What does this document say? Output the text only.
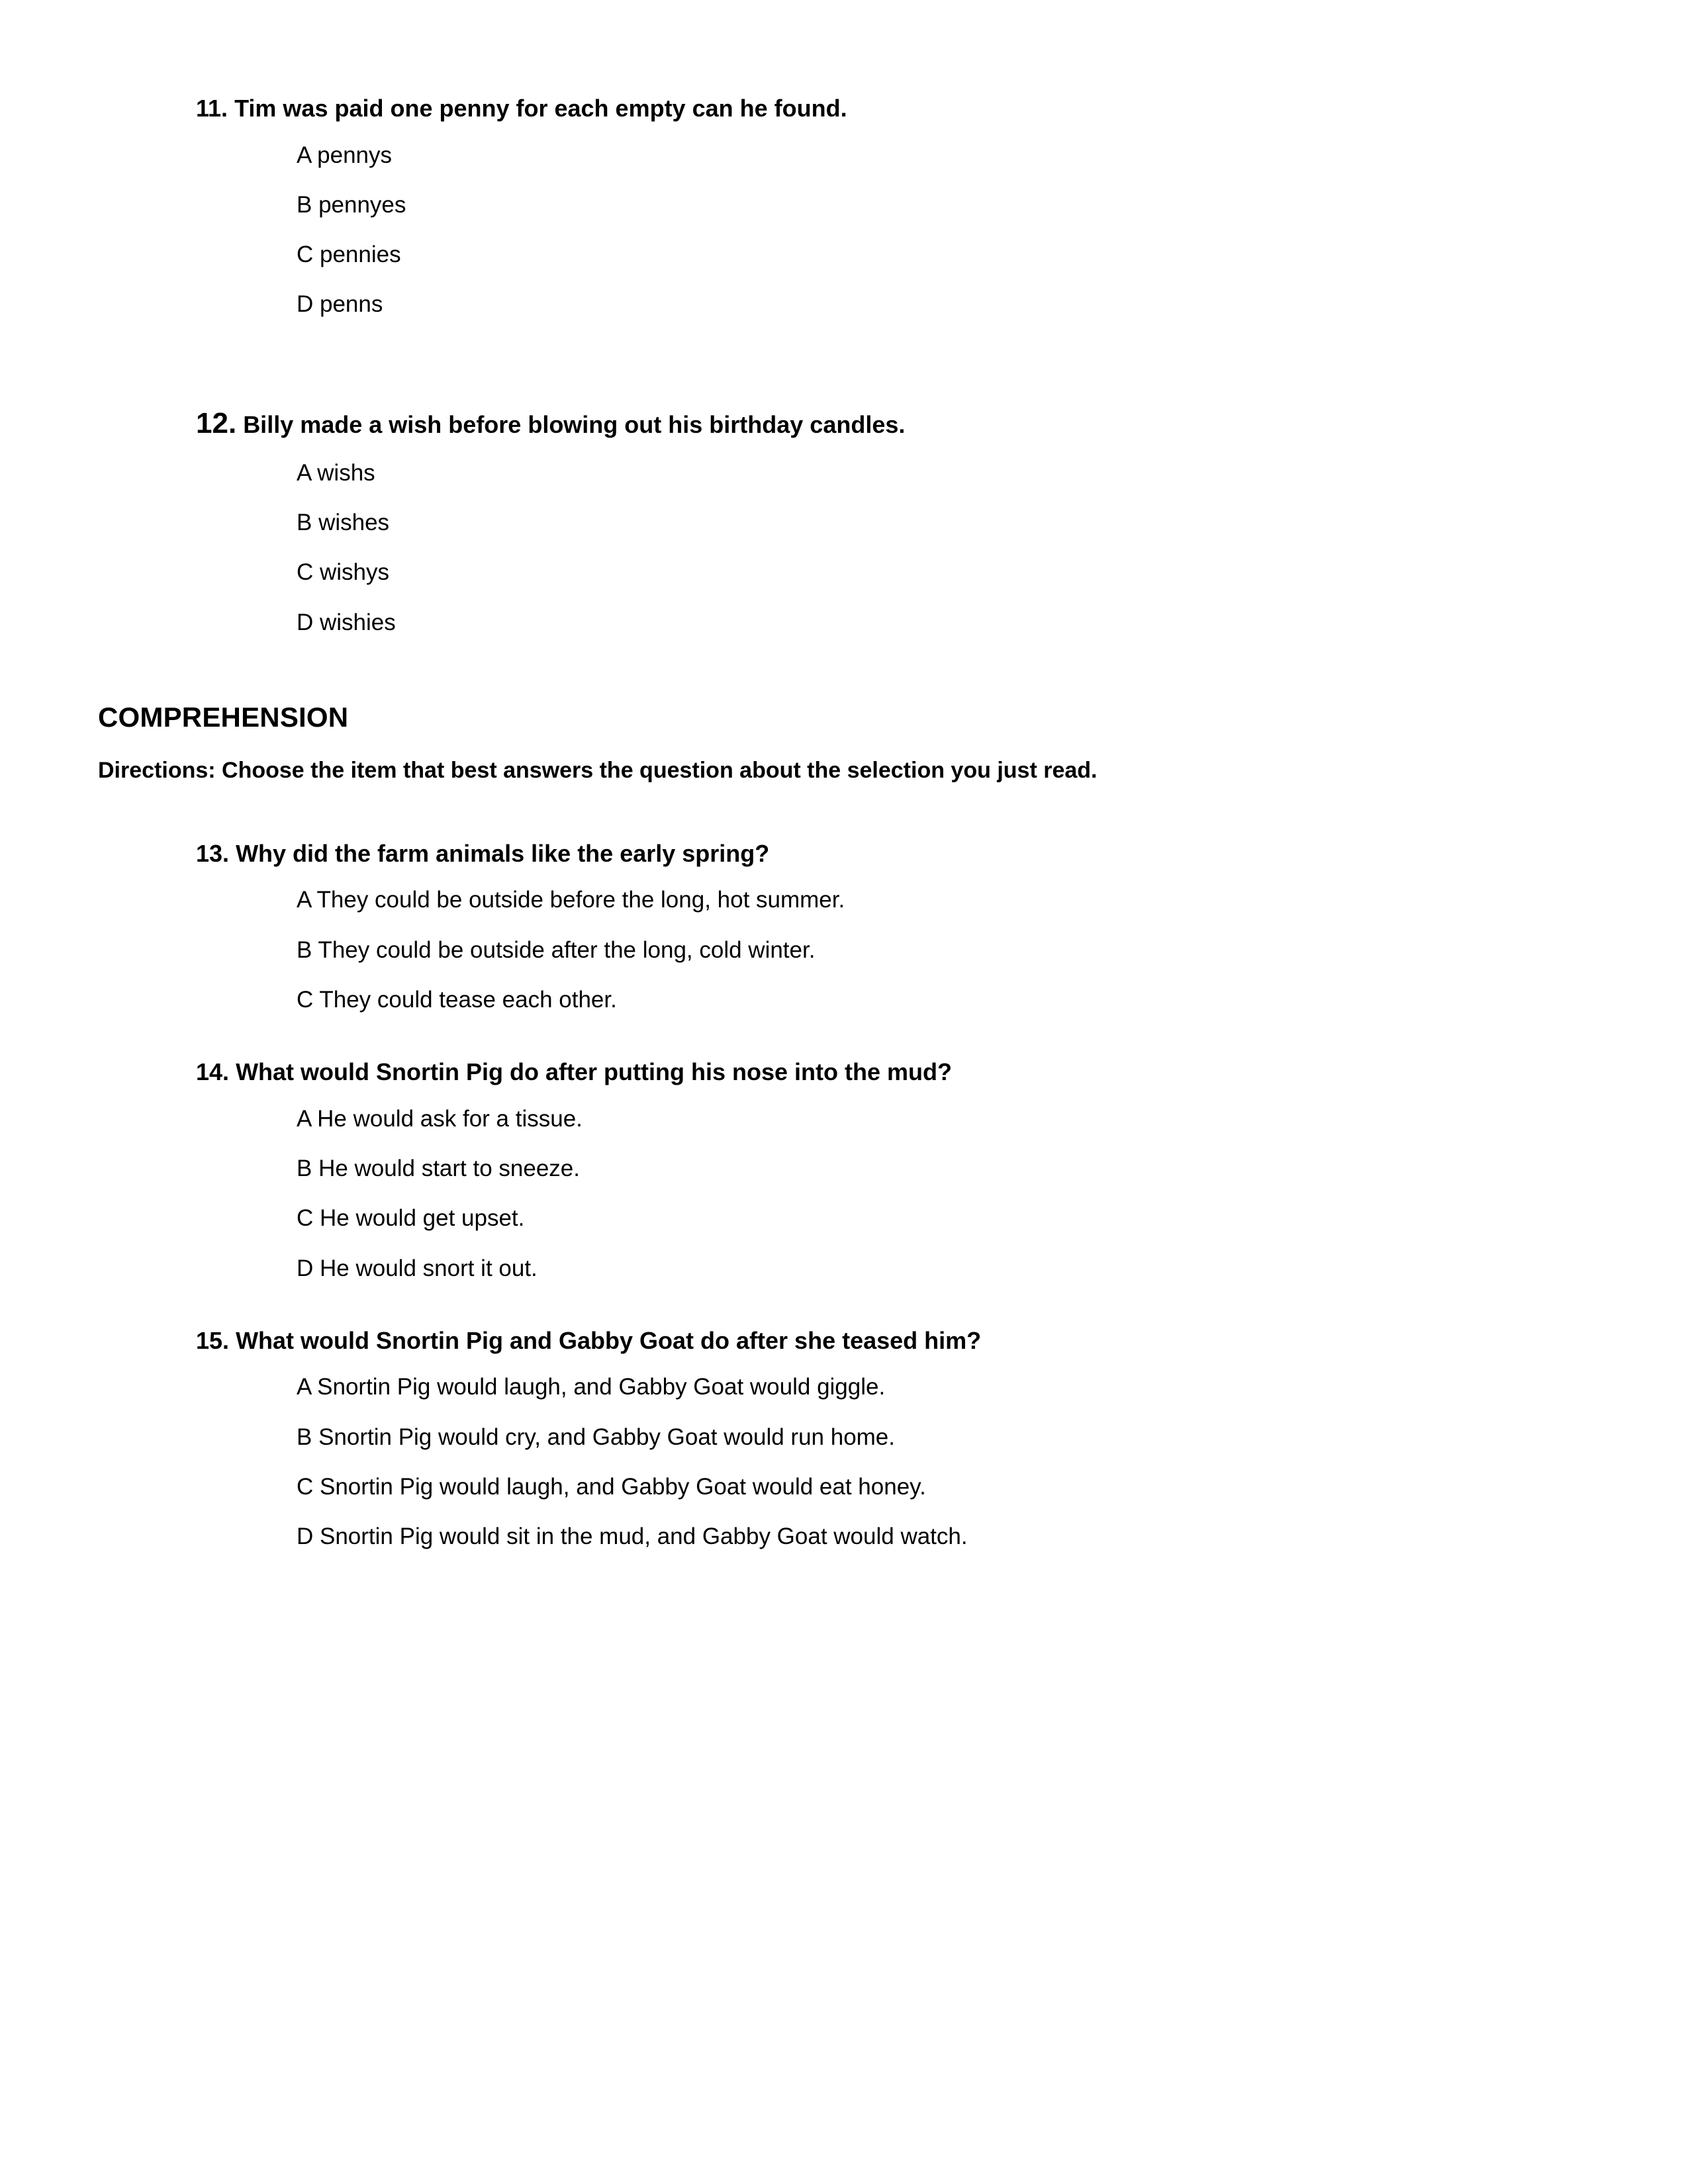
11. Tim was paid one penny for each empty can he found.

A pennys
B pennyes
C pennies
D penns

12. Billy made a wish before blowing out his birthday candles.

A wishs
B wishes
C wishys
D wishies
COMPREHENSION

Directions: Choose the item that best answers the question about the selection you just read.

13. Why did the farm animals like the early spring?

A They could be outside before the long, hot summer.
B They could be outside after the long, cold winter.
C They could tease each other.

14. What would Snortin Pig do after putting his nose into the mud?

A He would ask for a tissue.
B He would start to sneeze.
C He would get upset.
D He would snort it out.

15. What would Snortin Pig and Gabby Goat do after she teased him?

A Snortin Pig would laugh, and Gabby Goat would giggle.
B Snortin Pig would cry, and Gabby Goat would run home.
C Snortin Pig would laugh, and Gabby Goat would eat honey.
D Snortin Pig would sit in the mud, and Gabby Goat would watch.
